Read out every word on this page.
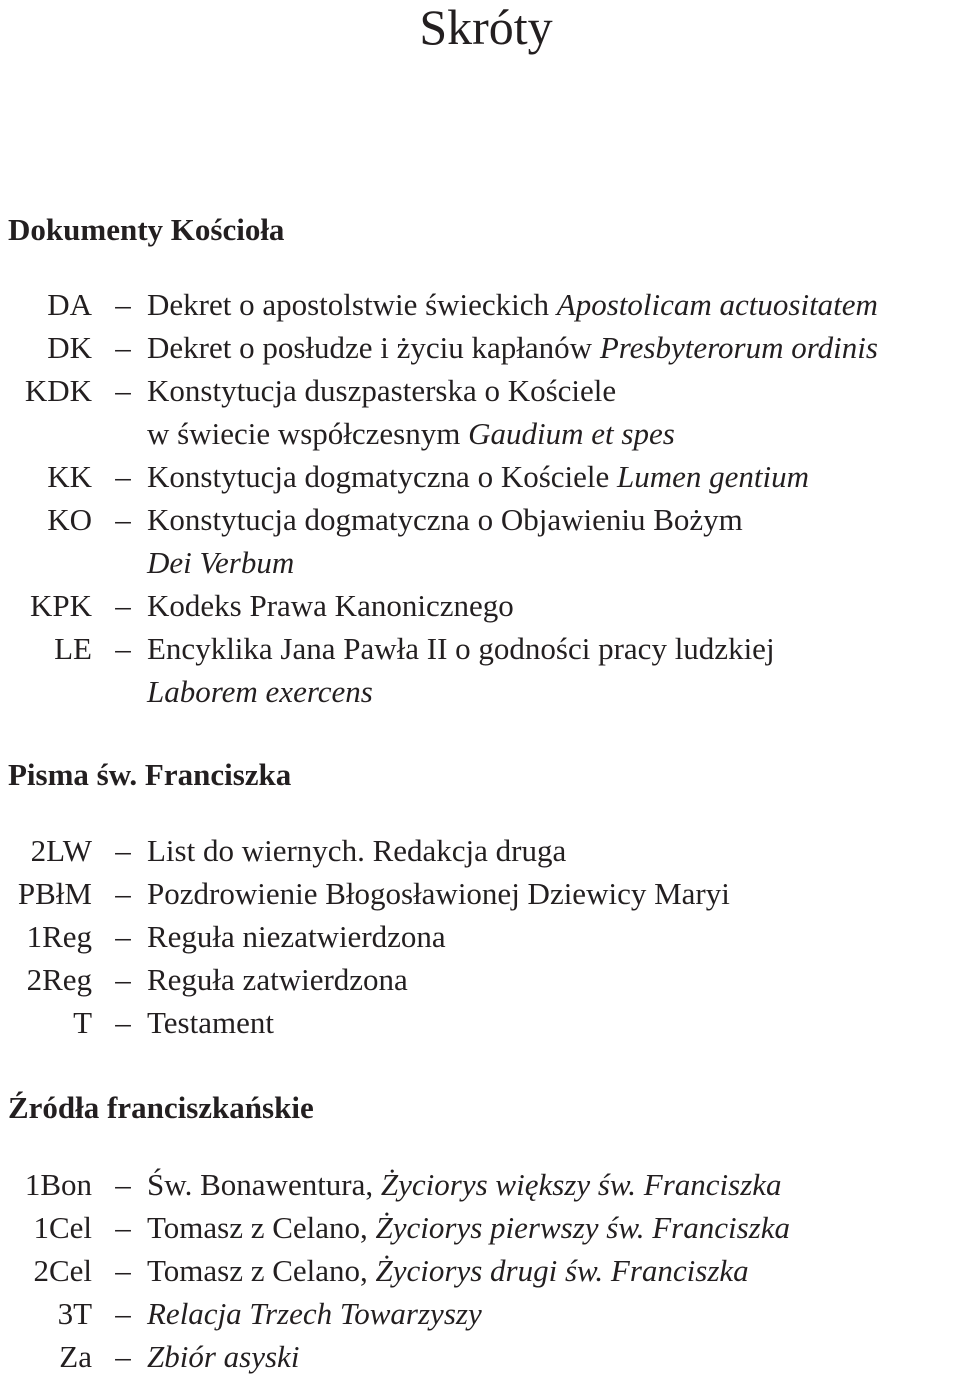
Skróty
Dokumenty Kościoła
DA – Dekret o apostolstwie świeckich Apostolicam actuositatem
DK – Dekret o posłudze i życiu kapłanów Presbyterorum ordinis
KDK – Konstytucja duszpasterska o Kościele
w świecie współczesnym Gaudium et spes
KK – Konstytucja dogmatyczna o Kościele Lumen gentium
KO – Konstytucja dogmatyczna o Objawieniu Bożym
Dei Verbum
KPK – Kodeks Prawa Kanonicznego
LE – Encyklika Jana Pawła II o godności pracy ludzkiej
Laborem exercens
Pisma św. Franciszka
2LW – List do wiernych. Redakcja druga
PBłM – Pozdrowienie Błogosławionej Dziewicy Maryi
1Reg – Reguła niezatwierdzona
2Reg – Reguła zatwierdzona
T – Testament
Źródła franciszkańskie
1Bon – Św. Bonawentura, Życiorys większy św. Franciszka
1Cel – Tomasz z Celano, Życiorys pierwszy św. Franciszka
2Cel – Tomasz z Celano, Życiorys drugi św. Franciszka
3T – Relacja Trzech Towarzyszy
Za – Zbiór asyski
